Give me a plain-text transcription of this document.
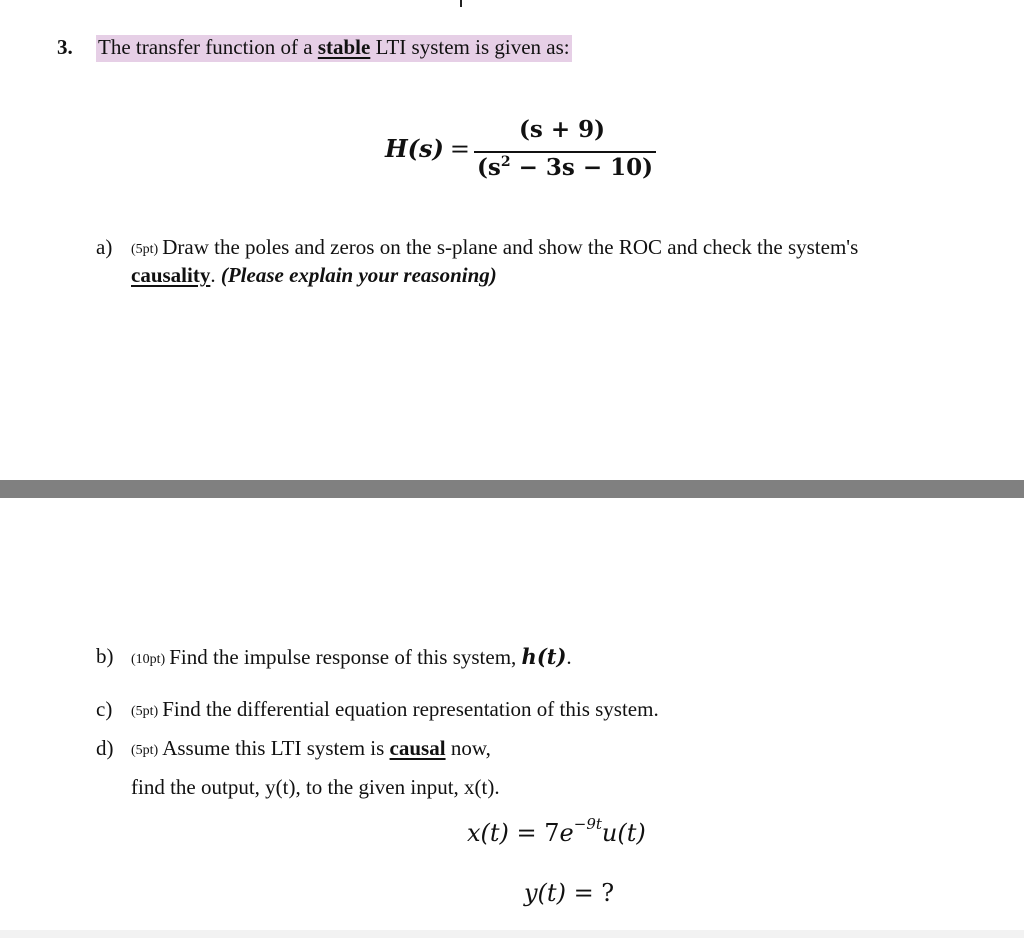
3. The transfer function of a stable LTI system is given as:
H(s) =
(s + 9)
$(s^2 - 3s - 10)$
a) (5pt) Draw the poles and zeros on the s-plane and show the ROC and check the system's
causality. (Please explain your reasoning)
b) (10pt) Find the impulse response of this system, h(t).
c) (5pt) Find the differential equation representation of this system.
d) (5pt) Assume this LTI system is causal now,
find the output, y(t), to the given input, x(t).
$x(t) = 7e^{-9t}u(t)$
y(t) = ?
